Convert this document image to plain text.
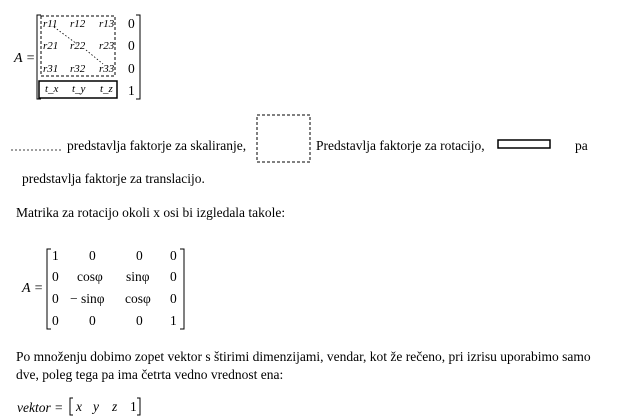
A =
r11 r12 r13 0
r21 r22 r23 0
r31 r32 r33 0
t_x t_y t_z 1
predstavlja faktorje za skaliranje,	Predstavlja faktorje za rotacijo,	pa
predstavlja faktorje za translacijo.
Matrika za rotacijo okoli x osi bi izgledala takole:
A =
1 0	0 0
0 cosφ sinφ 0
0 − sinφ cosφ 0
0 0	0 1
Po množenju dobimo zopet vektor s štirimi dimenzijami, vendar, kot že rečeno, pri izrisu uporabimo samo
dve, poleg tega pa ima četrta vedno vrednost ena:
vektor = x y z 1
